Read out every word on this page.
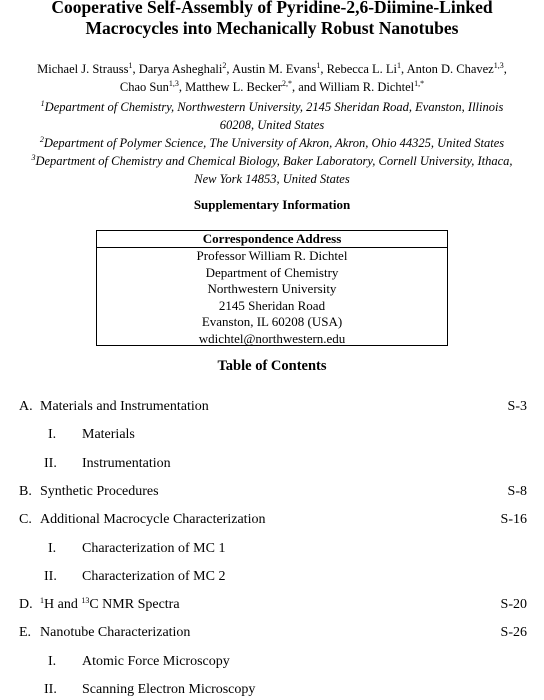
Cooperative Self-Assembly of Pyridine-2,6-Diimine-Linked
Macrocycles into Mechanically Robust Nanotubes
Michael J. Strauss$^1$, Darya Asheghali$^2$, Austin M. Evans$^1$, Rebecca L. Li$^1$, Anton D. Chavez$^{1,3}$,
Chao Sun$^{1,3}$, Matthew L. Becker$^{2,*}$, and William R. Dichtel$^{1,*}$
$^1$Department of Chemistry, Northwestern University, 2145 Sheridan Road, Evanston, Illinois
60208, United States
$^2$Department of Polymer Science, The University of Akron, Akron, Ohio 44325, United States
$^3$Department of Chemistry and Chemical Biology, Baker Laboratory, Cornell University, Ithaca,
New York 14853, United States
Supplementary Information
Correspondence Address
Professor William R. Dichtel
Department of Chemistry
Northwestern University
2145 Sheridan Road
Evanston, IL 60208 (USA)
wdichtel@northwestern.edu
Table of Contents
A. Materials and Instrumentation	S-3
I. Materials
II. Instrumentation
B. Synthetic Procedures	S-8
C. Additional Macrocycle Characterization	S-16
I. Characterization of MC 1
II. Characterization of MC 2
D. $^1$H and $^{13}$C NMR Spectra	S-20
E. Nanotube Characterization	S-26
I. Atomic Force Microscopy
II. Scanning Electron Microscopy
